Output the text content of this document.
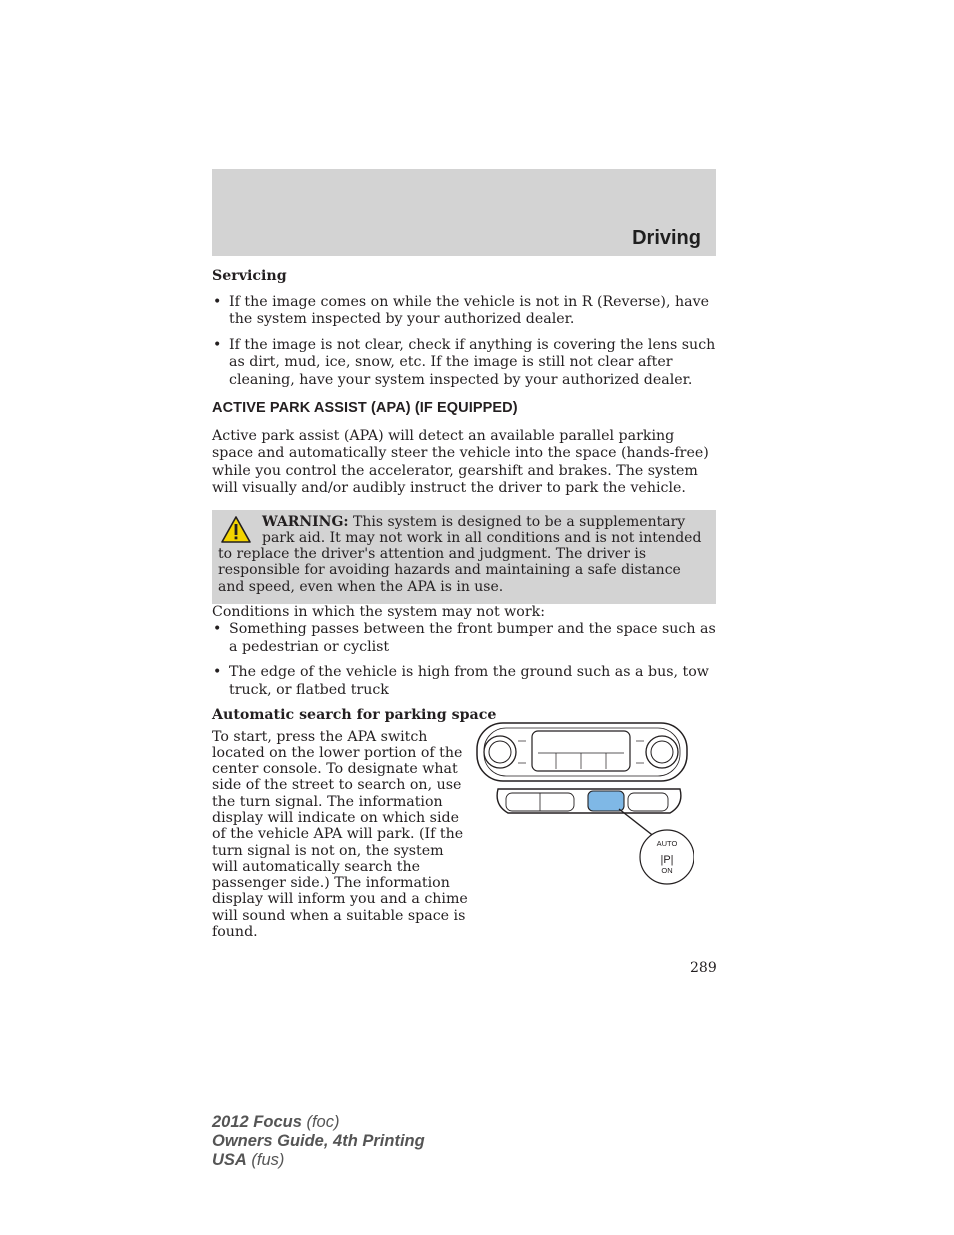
Driving
Servicing
• If the image comes on while the vehicle is not in R (Reverse), have the system inspected by your authorized dealer.
• If the image is not clear, check if anything is covering the lens such as dirt, mud, ice, snow, etc. If the image is still not clear after cleaning, have your system inspected by your authorized dealer.
ACTIVE PARK ASSIST (APA) (IF EQUIPPED)

Active park assist (APA) will detect an available parallel parking space and automatically steer the vehicle into the space (hands-free) while you control the accelerator, gearshift and brakes. The system will visually and/or audibly instruct the driver to park the vehicle.

WARNING: This system is designed to be a supplementary park aid. It may not work in all conditions and is not intended to replace the driver's attention and judgment. The driver is responsible for avoiding hazards and maintaining a safe distance and speed, even when the APA is in use.

Conditions in which the system may not work:

• Something passes between the front bumper and the space such as a pedestrian or cyclist
• The edge of the vehicle is high from the ground such as a bus, tow truck, or flatbed truck
Automatic search for parking space
To start, press the APA switch located on the lower portion of the center console. To designate what side of the street to search on, use the turn signal. The information display will indicate on which side of the vehicle APA will park. (If the turn signal is not on, the system will automatically search the passenger side.) The information display will inform you and a chime will sound when a suitable space is found.
AUTO
|P|
ON
289
2012 Focus (foc)
Owners Guide, 4th Printing
USA (fus)
